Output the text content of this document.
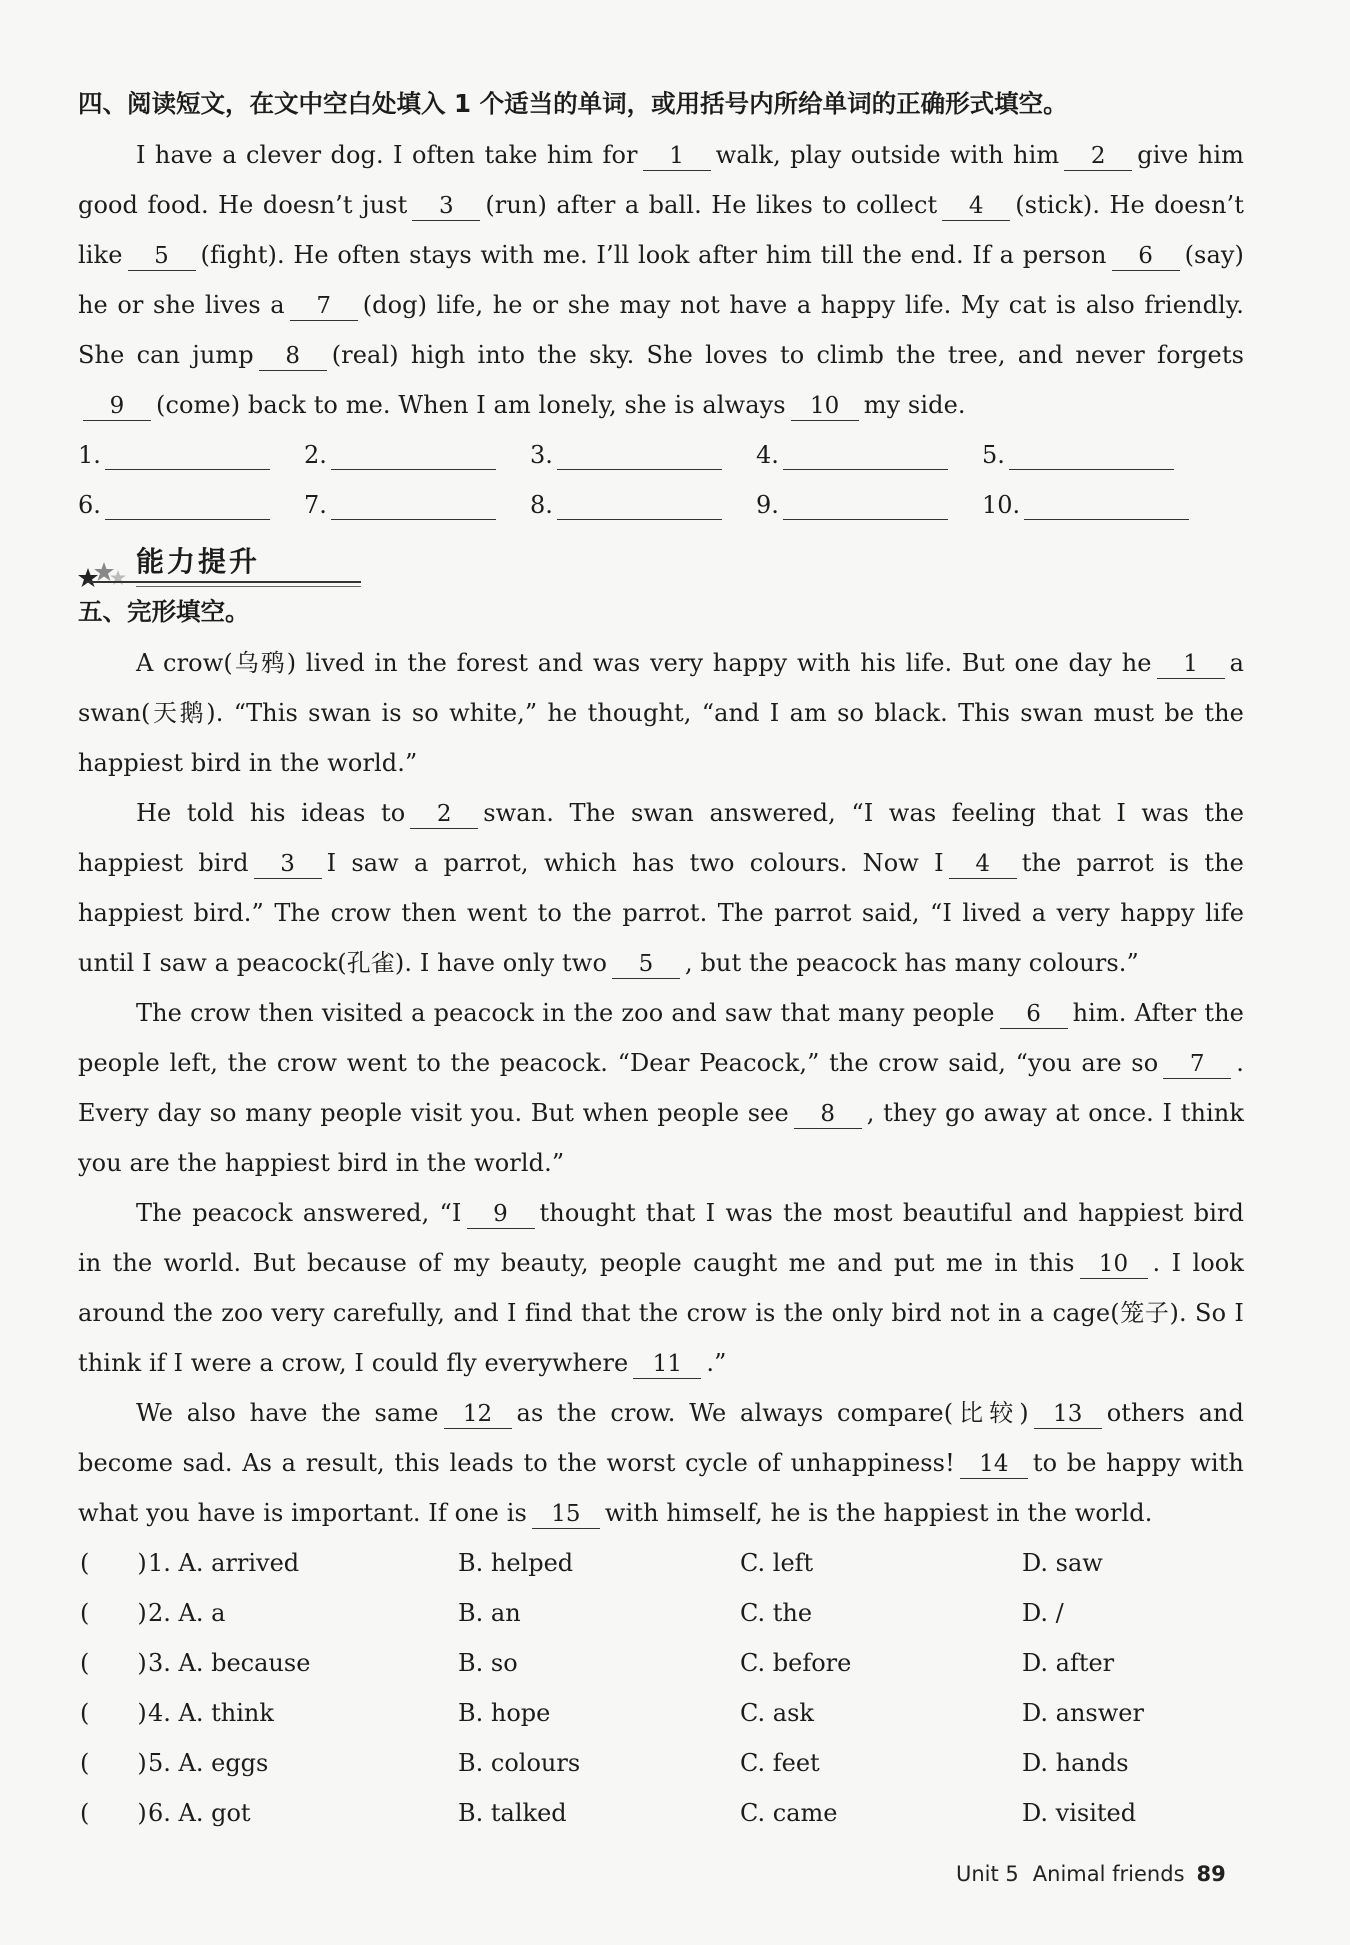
四、阅读短文，在文中空白处填入 1 个适当的单词，或用括号内所给单词的正确形式填空。

I have a clever dog. I often take him for 1 walk, play outside with him 2 give him good food. He doesn’t just 3 (run) after a ball. He likes to collect 4 (stick). He doesn’t like 5 (fight). He often stays with me. I’ll look after him till the end. If a person 6 (say) he or she lives a 7 (dog) life, he or she may not have a happy life. My cat is also friendly. She can jump 8 (real) high into the sky. She loves to climb the tree, and never forgets9 (come) back to me. When I am lonely, she is always 10 my side.

1.	2.	3.	4.	5.
6.	7.	8.	9.	10.
能力提升
五、完形填空。

A crow(乌鸦) lived in the forest and was very happy with his life. But one day he 1 a swan(天鹅). “This swan is so white,” he thought, “and I am so black. This swan must be the happiest bird in the world.”

He told his ideas to 2 swan. The swan answered, “I was feeling that I was the happiest bird 3 I saw a parrot, which has two colours. Now I 4 the parrot is the happiest bird.” The crow then went to the parrot. The parrot said, “I lived a very happy life until I saw a peacock(孔雀). I have only two 5 , but the peacock has many colours.”

The crow then visited a peacock in the zoo and saw that many people 6 him. After the people left, the crow went to the peacock. “Dear Peacock,” the crow said, “you are so 7 . Every day so many people visit you. But when people see 8 , they go away at once. I think you are the happiest bird in the world.”

The peacock answered, “I 9 thought that I was the most beautiful and happiest bird in the world. But because of my beauty, people caught me and put me in this 10 . I look around the zoo very carefully, and I find that the crow is the only bird not in a cage(笼子). So I think if I were a crow, I could fly everywhere 11 .”

We also have the same 12 as the crow. We always compare(比较) 13 others and become sad. As a result, this leads to the worst cycle of unhappiness! 14 to be happy with what you have is important. If one is 15 with himself, he is the happiest in the world.

(　　) 1. A. arrived	B. helped	C. left	D. saw
(　　) 2. A. a	B. an	C. the	D. /
(　　) 3. A. because	B. so	C. before	D. after
(　　) 4. A. think	B. hope	C. ask	D. answer
(　　) 5. A. eggs	B. colours	C. feet	D. hands
(　　) 6. A. got	B. talked	C. came	D. visited
Unit 5 Animal friends 89
